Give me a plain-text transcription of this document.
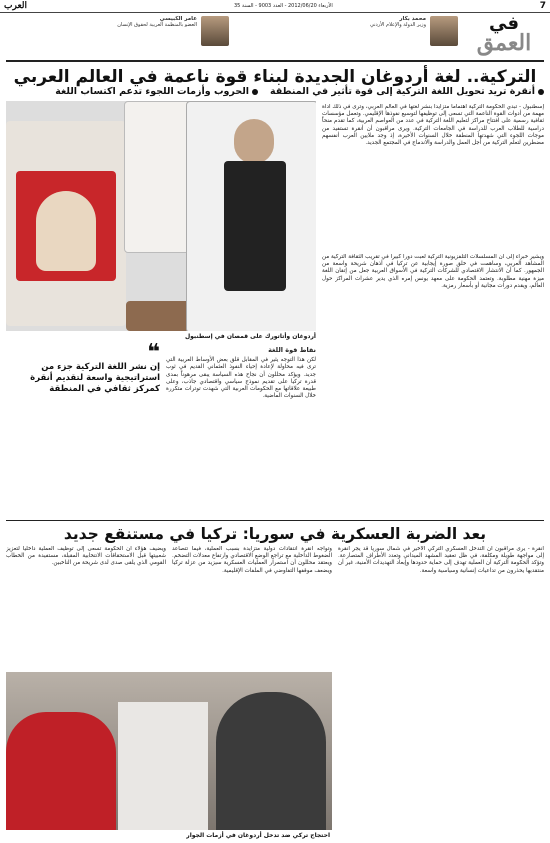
7
الأربعاء 2012/06/20 - العدد 9003 - السنة 35
العرب
في
العمق
محمد بكار
وزير الدولة والإعلام الأردني
عامر الكبيسي
العضو بالمنظمة العربية لحقوق الإنسان
التركية.. لغة أردوغان الجديدة لبناء قوة ناعمة في العالم العربي
أنقرة تريد تحويل اللغة التركية إلى قوة تأثير في المنطقة
الحروب وأزمات اللجوء تدعم اكتساب اللغة
أردوغان وأتاتورك على قمصان في إسطنبول
إسطنبول - تبدي الحكومة التركية اهتماماً متزايداً بنشر لغتها في العالم العربي، وترى في ذلك أداة مهمة من أدوات القوة الناعمة التي تسعى إلى توظيفها لتوسيع نفوذها الإقليمي. وتعمل مؤسسات ثقافية رسمية على افتتاح مراكز لتعليم اللغة التركية في عدد من العواصم العربية، كما تقدم منحاً دراسية للطلاب العرب للدراسة في الجامعات التركية. ويرى مراقبون أن أنقرة تستفيد من موجات اللجوء التي شهدتها المنطقة خلال السنوات الأخيرة، إذ وجد ملايين العرب أنفسهم مضطرين لتعلم التركية من أجل العمل والدراسة والاندماج في المجتمع الجديد.
ويشير خبراء إلى أن المسلسلات التلفزيونية التركية لعبت دوراً كبيراً في تقريب الثقافة التركية من المشاهد العربي، وساهمت في خلق صورة إيجابية عن تركيا في أذهان شريحة واسعة من الجمهور. كما أن الانتشار الاقتصادي للشركات التركية في الأسواق العربية جعل من إتقان اللغة ميزة مهنية مطلوبة. وتعتمد الحكومة على معهد يونس إمره الذي يدير عشرات المراكز حول العالم، ويقدم دورات مجانية أو بأسعار رمزية.
نقاط قوة اللغة
لكن هذا التوجه يثير في المقابل قلق بعض الأوساط العربية التي ترى فيه محاولة لإعادة إحياء النفوذ العثماني القديم في ثوب جديد. ويؤكد محللون أن نجاح هذه السياسة يبقى مرهوناً بمدى قدرة تركيا على تقديم نموذج سياسي واقتصادي جاذب، وعلى طبيعة علاقاتها مع الحكومات العربية التي شهدت توترات متكررة خلال السنوات الماضية.
❝
إن نشر اللغة التركية جزء من استراتيجية واسعة لتقديم أنقرة كمركز ثقافي في المنطقة
بعد الضربة العسكرية في سوريا: تركيا في مستنقع جديد
أنقرة - يرى مراقبون أن التدخل العسكري التركي الأخير في شمال سوريا قد يجر أنقرة إلى مواجهة طويلة ومكلفة، في ظل تعقيد المشهد الميداني وتعدد الأطراف المتصارعة. وتؤكد الحكومة التركية أن العملية تهدف إلى حماية حدودها وإبعاد التهديدات الأمنية، غير أن منتقديها يحذرون من تداعيات إنسانية وسياسية واسعة.
وتواجه أنقرة انتقادات دولية متزايدة بسبب العملية، فيما تتصاعد الضغوط الداخلية مع تراجع الوضع الاقتصادي وارتفاع معدلات التضخم. ويعتقد محللون أن استمرار العمليات العسكرية سيزيد من عزلة تركيا ويضعف موقفها التفاوضي في الملفات الإقليمية.
ويضيف هؤلاء أن الحكومة تسعى إلى توظيف العملية داخلياً لتعزيز شعبيتها قبل الاستحقاقات الانتخابية المقبلة، مستفيدة من الخطاب القومي الذي يلقى صدى لدى شريحة من الناخبين.
احتجاج تركي ضد تدخل أردوغان في أزمات الجوار
